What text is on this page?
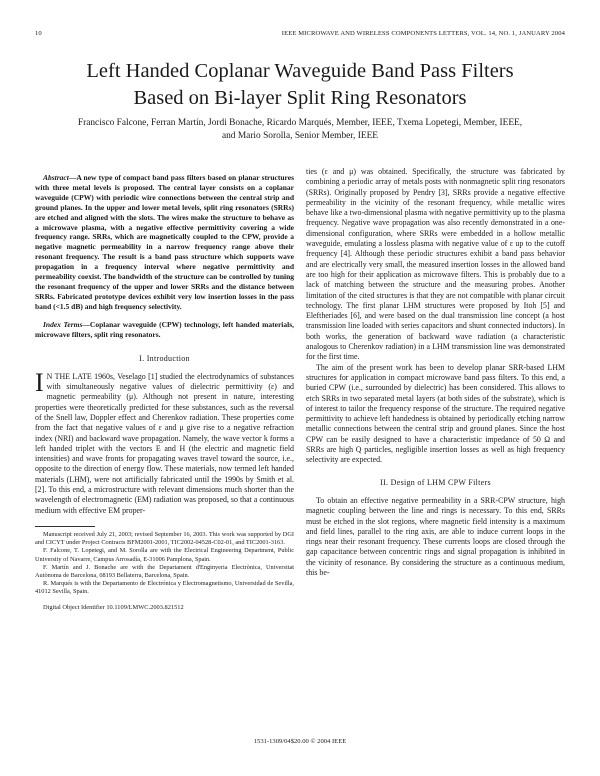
10	IEEE MICROWAVE AND WIRELESS COMPONENTS LETTERS, VOL. 14, NO. 1, JANUARY 2004
Left Handed Coplanar Waveguide Band Pass Filters
Based on Bi-layer Split Ring Resonators
Francisco Falcone, Ferran Martín, Jordi Bonache, Ricardo Marqués, Member, IEEE, Txema Lopetegi, Member, IEEE,
and Mario Sorolla, Senior Member, IEEE

Abstract—A new type of compact band pass filters based on planar structures with three metal levels is proposed. The central layer consists on a coplanar waveguide (CPW) with periodic wire connections between the central strip and ground planes. In the upper and lower metal levels, split ring resonators (SRRs) are etched and aligned with the slots. The wires make the structure to behave as a microwave plasma, with a negative effective permittivity covering a wide frequency range. SRRs, which are magnetically coupled to the CPW, provide a negative magnetic permeability in a narrow frequency range above their resonant frequency. The result is a band pass structure which supports wave propagation in a frequency interval where negative permittivity and permeability coexist. The bandwidth of the structure can be controlled by tuning the resonant frequency of the upper and lower SRRs and the distance between SRRs. Fabricated prototype devices exhibit very low insertion losses in the pass band (<1.5 dB) and high frequency selectivity.

Index Terms—Coplanar waveguide (CPW) technology, left handed materials, microwave filters, split ring resonators.

I. Introduction

I N THE LATE 1960s, Veselago [1] studied the electrodynamics of substances with simultaneously negative values of dielectric permittivity (ε) and magnetic permeability (μ). Although not present in nature, interesting properties were theoretically predicted for these substances, such as the reversal of the Snell law, Doppler effect and Cherenkov radiation. These properties come from the fact that negative values of ε and μ give rise to a negative refraction index (NRI) and backward wave propagation. Namely, the wave vector k forms a left handed triplet with the vectors E and H (the electric and magnetic field intensities) and wave fronts for propagating waves travel toward the source, i.e., opposite to the direction of energy flow. These materials, now termed left handed materials (LHM), were not artificially fabricated until the 1990s by Smith et al. [2]. To this end, a microstructure with relevant dimensions much shorter than the wavelength of electromagnetic (EM) radiation was proposed, so that a continuous medium with effective EM proper-

Manuscript received July 21, 2003; revised September 16, 2003. This work was supported by DGI and CICYT under Project Contracts BFM2001-2001, TIC2002-04528-C02-01, and TIC2001-3163.

F. Falcone, T. Lopetegi, and M. Sorolla are with the Electrical Engineering Department, Public University of Navarre, Campus Arrosadía, E-31006 Pamplona, Spain.

F. Martín and J. Bonache are with the Departament d'Enginyeria Electrònica, Universitat Autònoma de Barcelona, 08193 Bellaterra, Barcelona, Spain.

R. Marqués is with the Departamento de Electrónica y Electromagnetismo, Universidad de Sevilla, 41012 Sevilla, Spain.

Digital Object Identifier 10.1109/LMWC.2003.821512

ties (ε and μ) was obtained. Specifically, the structure was fabricated by combining a periodic array of metals posts with nonmagnetic split ring resonators (SRRs). Originally proposed by Pendry [3], SRRs provide a negative effective permeability in the vicinity of the resonant frequency, while metallic wires behave like a two-dimensional plasma with negative permittivity up to the plasma frequency. Negative wave propagation was also recently demonstrated in a one-dimensional configuration, where SRRs were embedded in a hollow metallic waveguide, emulating a lossless plasma with negative value of ε up to the cutoff frequency [4]. Although these periodic structures exhibit a band pass behavior and are electrically very small, the measured insertion losses in the allowed band are too high for their application as microwave filters. This is probably due to a lack of matching between the structure and the measuring probes. Another limitation of the cited structures is that they are not compatible with planar circuit technology. The first planar LHM structures were proposed by Itoh [5] and Eleftheriades [6], and were based on the dual transmission line concept (a host transmission line loaded with series capacitors and shunt connected inductors). In both works, the generation of backward wave radiation (a characteristic analogous to Cherenkov radiation) in a LHM transmission line was demonstrated for the first time.

The aim of the present work has been to develop planar SRR-based LHM structures for application in compact microwave band pass filters. To this end, a buried CPW (i.e., surrounded by dielectric) has been considered. This allows to etch SRRs in two separated metal layers (at both sides of the substrate), which is of interest to tailor the frequency response of the structure. The required negative permittivity to achieve left handedness is obtained by periodically etching narrow metallic connections between the central strip and ground planes. Since the host CPW can be easily designed to have a characteristic impedance of 50 Ω and SRRs are high Q particles, negligible insertion losses as well as high frequency selectivity are expected.

II. Design of LHM CPW Filters

To obtain an effective negative permeability in a SRR-CPW structure, high magnetic coupling between the line and rings is necessary. To this end, SRRs must be etched in the slot regions, where magnetic field intensity is a maximum and field lines, parallel to the ring axis, are able to induce current loops in the rings near their resonant frequency. These currents loops are closed through the gap capacitance between concentric rings and signal propagation is inhibited in the vicinity of resonance. By considering the structure as a continuous medium, this be-

1531-1309/04$20.00 © 2004 IEEE
